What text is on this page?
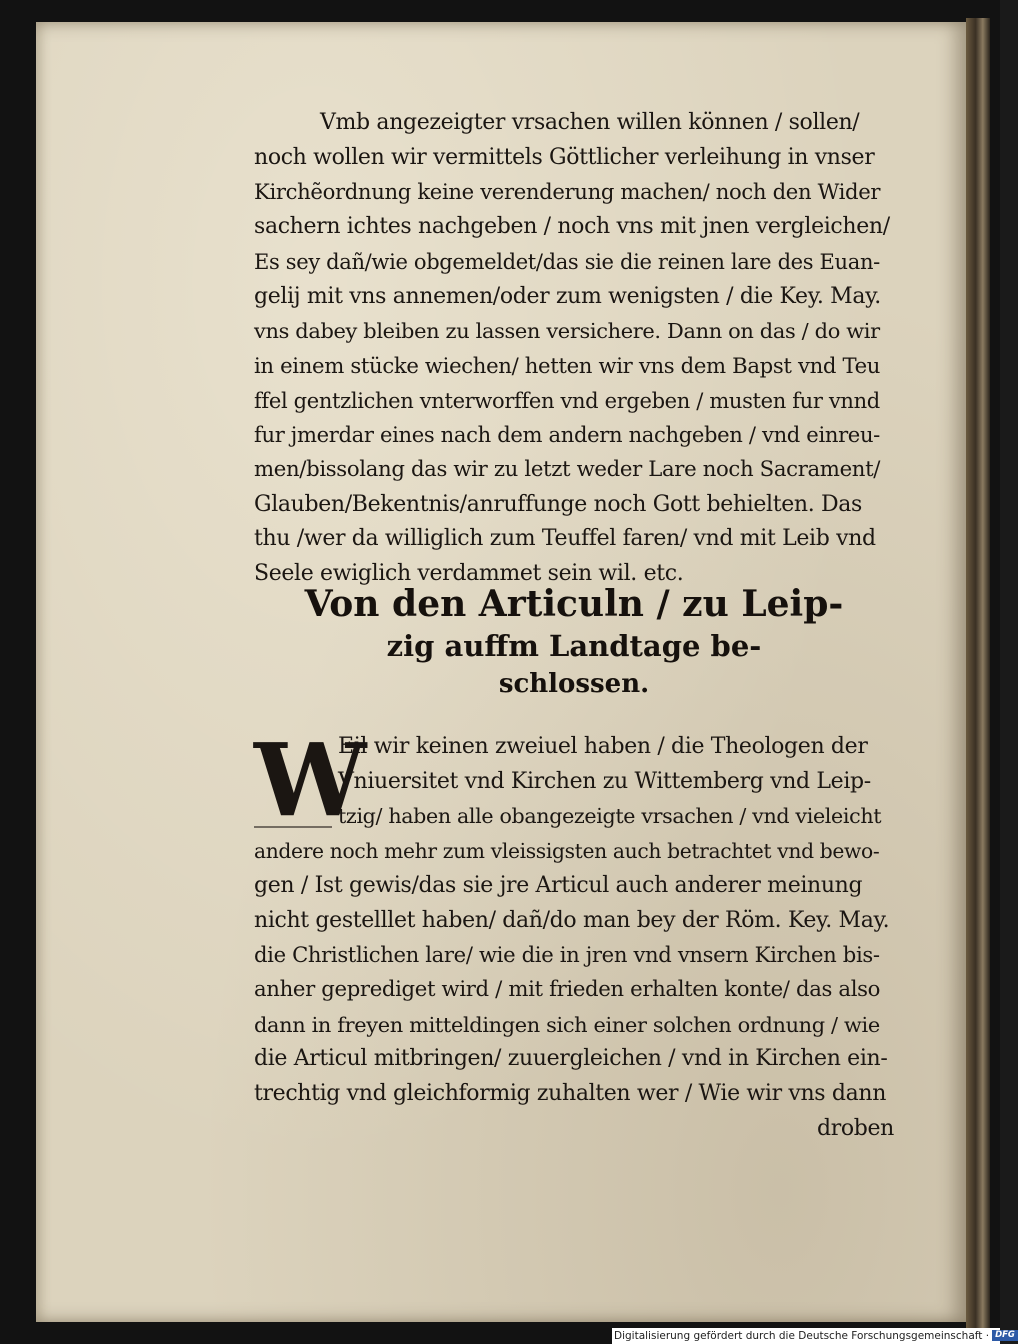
Vmb angezeigter vrsachen willen können / sollen/
noch wollen wir vermittels Göttlicher verleihung in vnser
Kirchẽordnung keine verenderung machen/ noch den Wider
sachern ichtes nachgeben / noch vns mit jnen vergleichen/
Es sey dañ/wie obgemeldet/das sie die reinen lare des Euan-
gelij mit vns annemen/oder zum wenigsten / die Key. May.
vns dabey bleiben zu lassen versichere. Dann on das / do wir
in einem stücke wiechen/ hetten wir vns dem Bapst vnd Teu
ffel gentzlichen vnterworffen vnd ergeben / musten fur vnnd
fur jmerdar eines nach dem andern nachgeben / vnd einreu-
men/bissolang das wir zu letzt weder Lare noch Sacrament/
Glauben/Bekentnis/anruffunge noch Gott behielten. Das
thu /wer da williglich zum Teuffel faren/ vnd mit Leib vnd
Seele ewiglich verdammet sein wil. etc.
Von den Articuln / zu Leip-
zig auffm Landtage be-
schlossen.
W
Eil wir keinen zweiuel haben / die Theologen der
Vniuersitet vnd Kirchen zu Wittemberg vnd Leip-
tzig/ haben alle obangezeigte vrsachen / vnd vieleicht
andere noch mehr zum vleissigsten auch betrachtet vnd bewo-
gen / Ist gewis/das sie jre Articul auch anderer meinung
nicht gestelllet haben/ dañ/do man bey der Röm. Key. May.
die Christlichen lare/ wie die in jren vnd vnsern Kirchen bis-
anher geprediget wird / mit frieden erhalten konte/ das also
dann in freyen mitteldingen sich einer solchen ordnung / wie
die Articul mitbringen/ zuuergleichen / vnd in Kirchen ein-
trechtig vnd gleichformig zuhalten wer / Wie wir vns dann
droben
Digitalisierung gefördert durch die Deutsche Forschungsgemeinschaft · DFG
